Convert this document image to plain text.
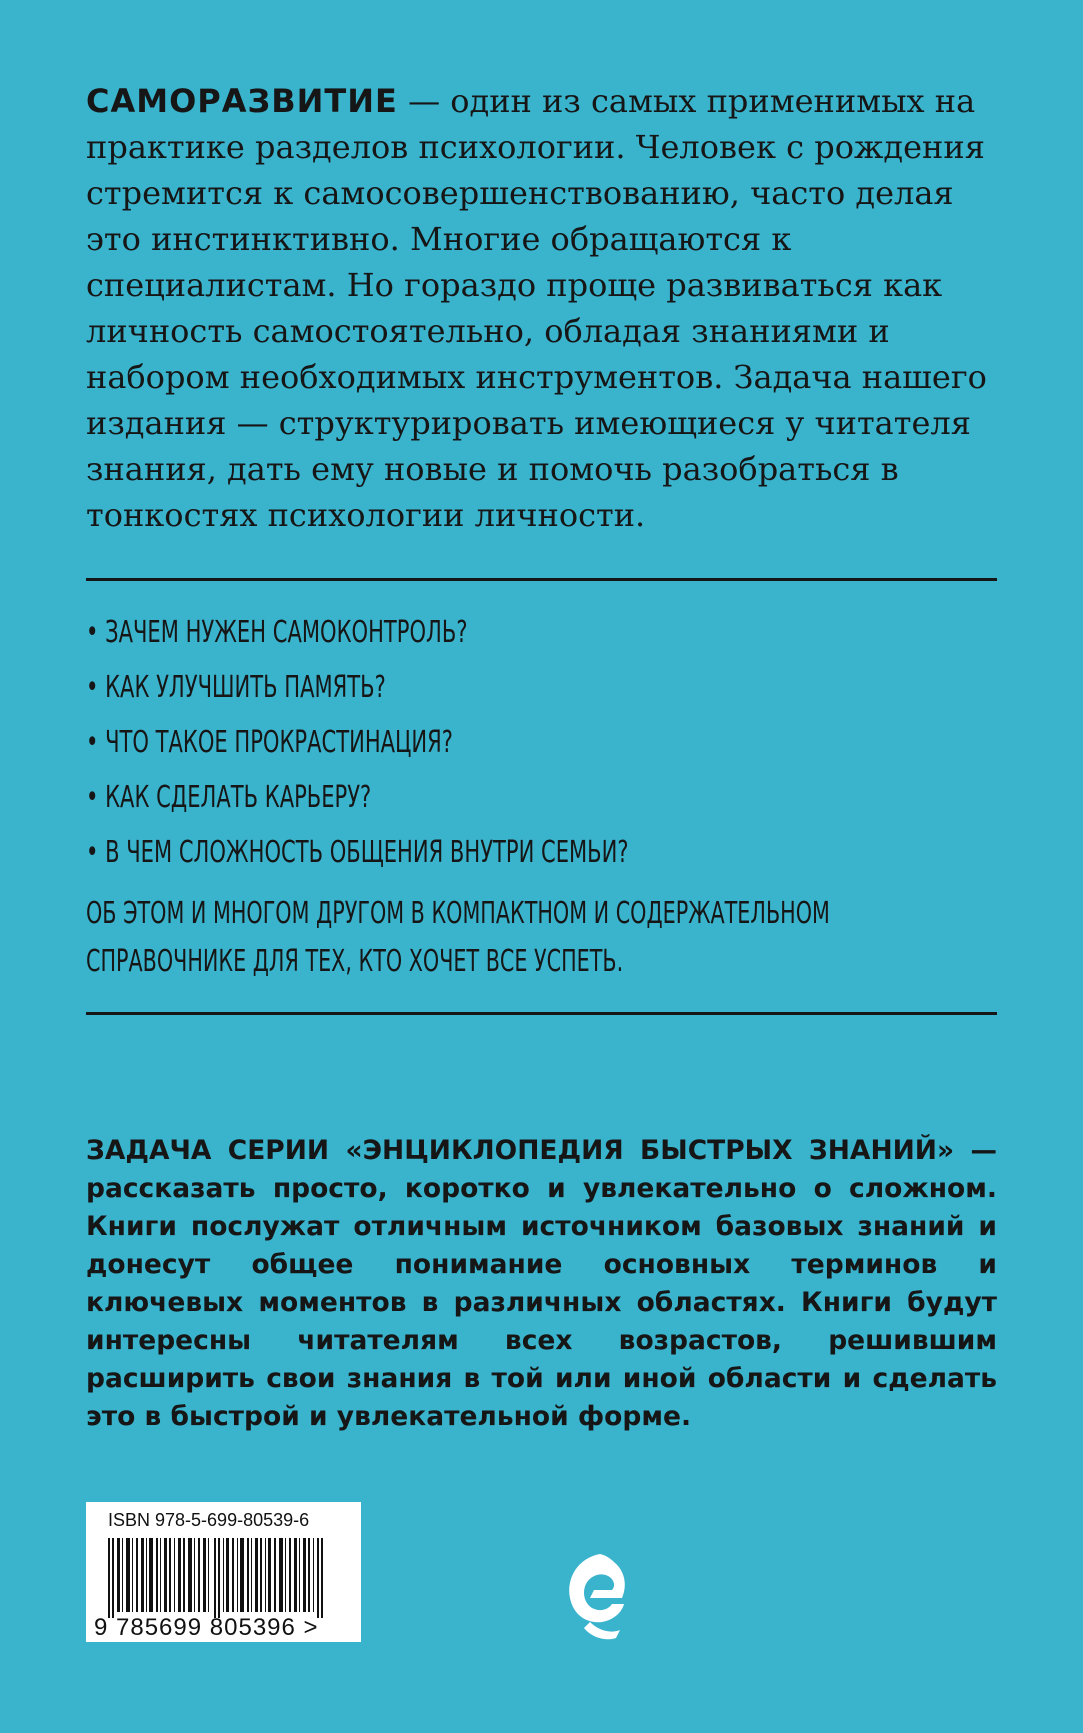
САМОРАЗВИТИЕ — один из самых применимых на практике разделов психологии. Человек с рождения стремится к самосовершенствованию, часто делая это инстинктивно. Многие обращаются к специалистам. Но гораздо проще развиваться как личность самостоятельно, обладая знаниями и набором необходимых инструментов. Задача нашего издания — структурировать имеющиеся у читателя знания, дать ему новые и помочь разобраться в тонкостях психологии личности.

• ЗАЧЕМ НУЖЕН САМОКОНТРОЛЬ?
• КАК УЛУЧШИТЬ ПАМЯТЬ?
• ЧТО ТАКОЕ ПРОКРАСТИНАЦИЯ?
• КАК СДЕЛАТЬ КАРЬЕРУ?
• В ЧЕМ СЛОЖНОСТЬ ОБЩЕНИЯ ВНУТРИ СЕМЬИ?

ОБ ЭТОМ И МНОГОМ ДРУГОМ В КОМПАКТНОМ И СОДЕРЖАТЕЛЬНОМ
СПРАВОЧНИКЕ ДЛЯ ТЕХ, КТО ХОЧЕТ ВСЕ УСПЕТЬ.

ЗАДАЧА СЕРИИ «ЭНЦИКЛОПЕДИЯ БЫСТРЫХ ЗНАНИЙ» — рассказать просто, коротко и увлекательно о сложном. Книги послужат отличным источником базовых знаний и донесут общее понимание основных терминов и ключевых моментов в различных областях. Книги будут интересны читателям всех возрастов, решившим расширить свои знания в той или иной области и сделать это в быстрой и увлекательной форме.

ISBN 978-5-699-80539-6
9 785699 805396 >
